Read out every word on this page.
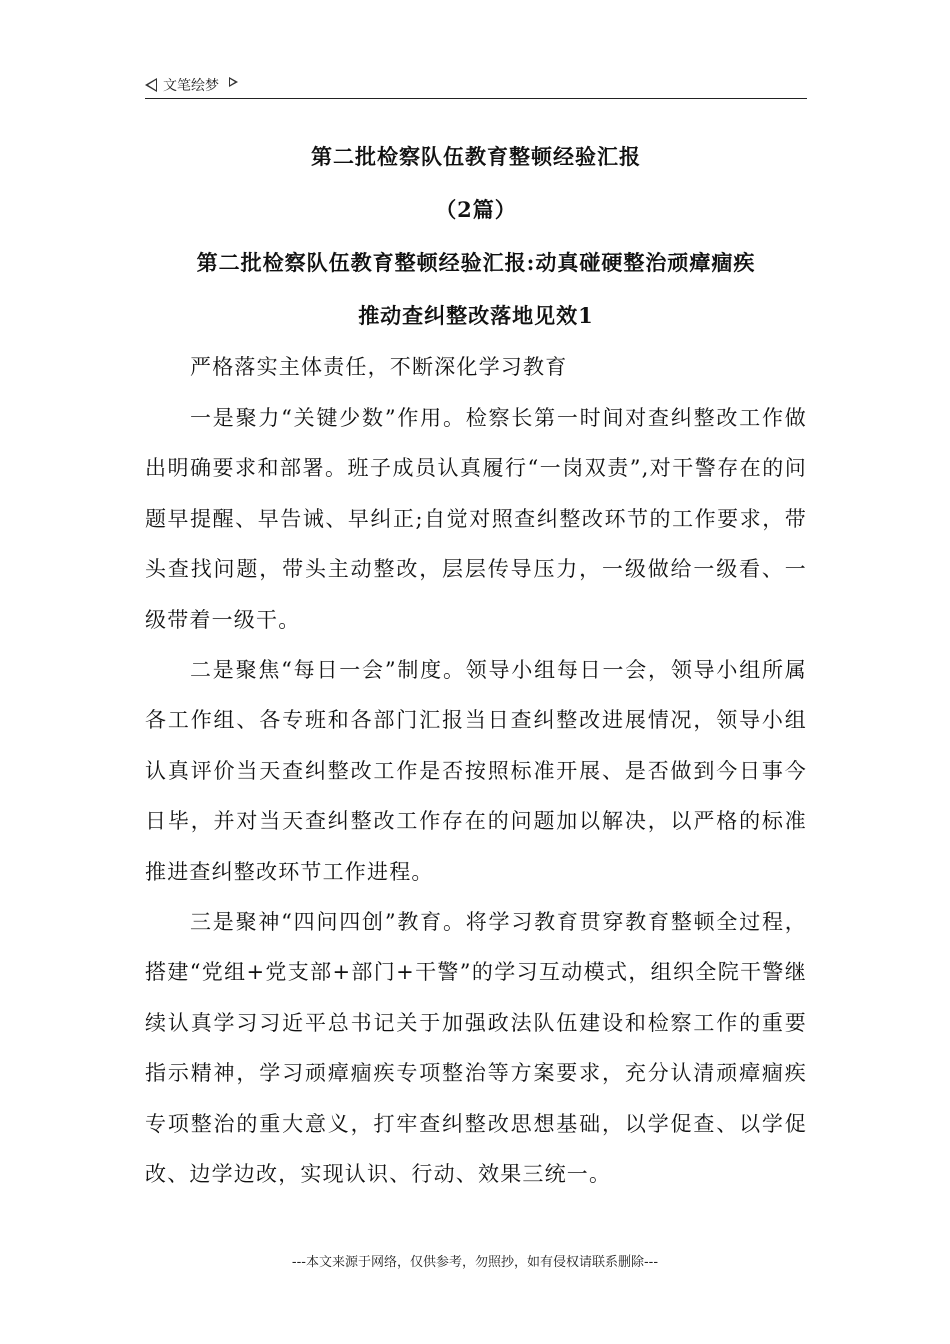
文笔绘梦
第二批检察队伍教育整顿经验汇报
（2篇）
第二批检察队伍教育整顿经验汇报:动真碰硬整治顽瘴痼疾
推动查纠整改落地见效1

严格落实主体责任，不断深化学习教育

一是聚力“关键少数”作用。检察长第一时间对查纠整改工作做出明确要求和部署。班子成员认真履行“一岗双责”,对干警存在的问题早提醒、早告诫、早纠正;自觉对照查纠整改环节的工作要求，带头查找问题，带头主动整改，层层传导压力，一级做给一级看、一级带着一级干。

二是聚焦“每日一会”制度。领导小组每日一会，领导小组所属各工作组、各专班和各部门汇报当日查纠整改进展情况，领导小组认真评价当天查纠整改工作是否按照标准开展、是否做到今日事今日毕，并对当天查纠整改工作存在的问题加以解决，以严格的标准推进查纠整改环节工作进程。

三是聚神“四问四创”教育。将学习教育贯穿教育整顿全过程，搭建“党组+党支部+部门+干警”的学习互动模式，组织全院干警继续认真学习习近平总书记关于加强政法队伍建设和检察工作的重要指示精神，学习顽瘴痼疾专项整治等方案要求，充分认清顽瘴痼疾专项整治的重大意义，打牢查纠整改思想基础，以学促查、以学促改、边学边改，实现认识、行动、效果三统一。

---本文来源于网络，仅供参考，勿照抄，如有侵权请联系删除---
